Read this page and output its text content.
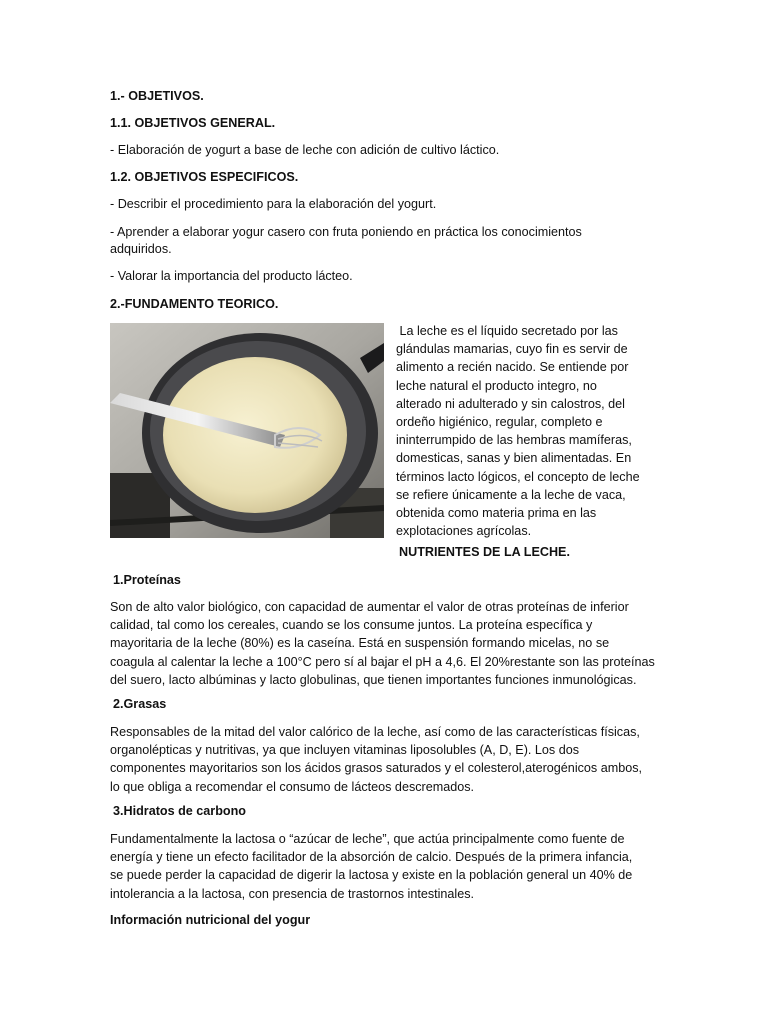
1.- OBJETIVOS.

1.1. OBJETIVOS GENERAL.

- Elaboración de yogurt a base de leche con adición de cultivo láctico.

1.2. OBJETIVOS ESPECIFICOS.

- Describir el procedimiento para la elaboración del yogurt.

- Aprender a elaborar yogur casero con fruta poniendo en práctica los conocimientos

adquiridos.

- Valorar la importancia del producto lácteo.

2.-FUNDAMENTO TEORICO.

La leche es el líquido secretado por las

glándulas mamarias, cuyo fin es servir de

alimento a recién nacido. Se entiende por

leche natural el producto integro, no

alterado ni adulterado y sin calostros, del

ordeño higiénico, regular, completo e

ininterrumpido de las hembras mamíferas,

domesticas, sanas y bien alimentadas. En

términos lacto lógicos, el concepto de leche

se refiere únicamente a la leche de vaca,

obtenida como materia prima en las

explotaciones agrícolas.

NUTRIENTES DE LA LECHE.

1.Proteínas

Son de alto valor biológico, con capacidad de aumentar el valor de otras proteínas de inferior

calidad, tal como los cereales, cuando se los consume juntos. La proteína específica y

mayoritaria de la leche (80%) es la caseína. Está en suspensión formando micelas, no se

coagula al calentar la leche a 100°C pero sí al bajar el pH a 4,6. El 20%restante son las proteínas

del suero, lacto albúminas y lacto globulinas, que tienen importantes funciones inmunológicas.

2.Grasas

Responsables de la mitad del valor calórico de la leche, así como de las características físicas,

organolépticas y nutritivas, ya que incluyen vitaminas liposolubles (A, D, E). Los dos

componentes mayoritarios son los ácidos grasos saturados y el colesterol,aterogénicos ambos,

lo que obliga a recomendar el consumo de lácteos descremados.

3.Hidratos de carbono

Fundamentalmente la lactosa o “azúcar de leche”, que actúa principalmente como fuente de

energía y tiene un efecto facilitador de la absorción de calcio. Después de la primera infancia,

se puede perder la capacidad de digerir la lactosa y existe en la población general un 40% de

intolerancia a la lactosa, con presencia de trastornos intestinales.

Información nutricional del yogur
